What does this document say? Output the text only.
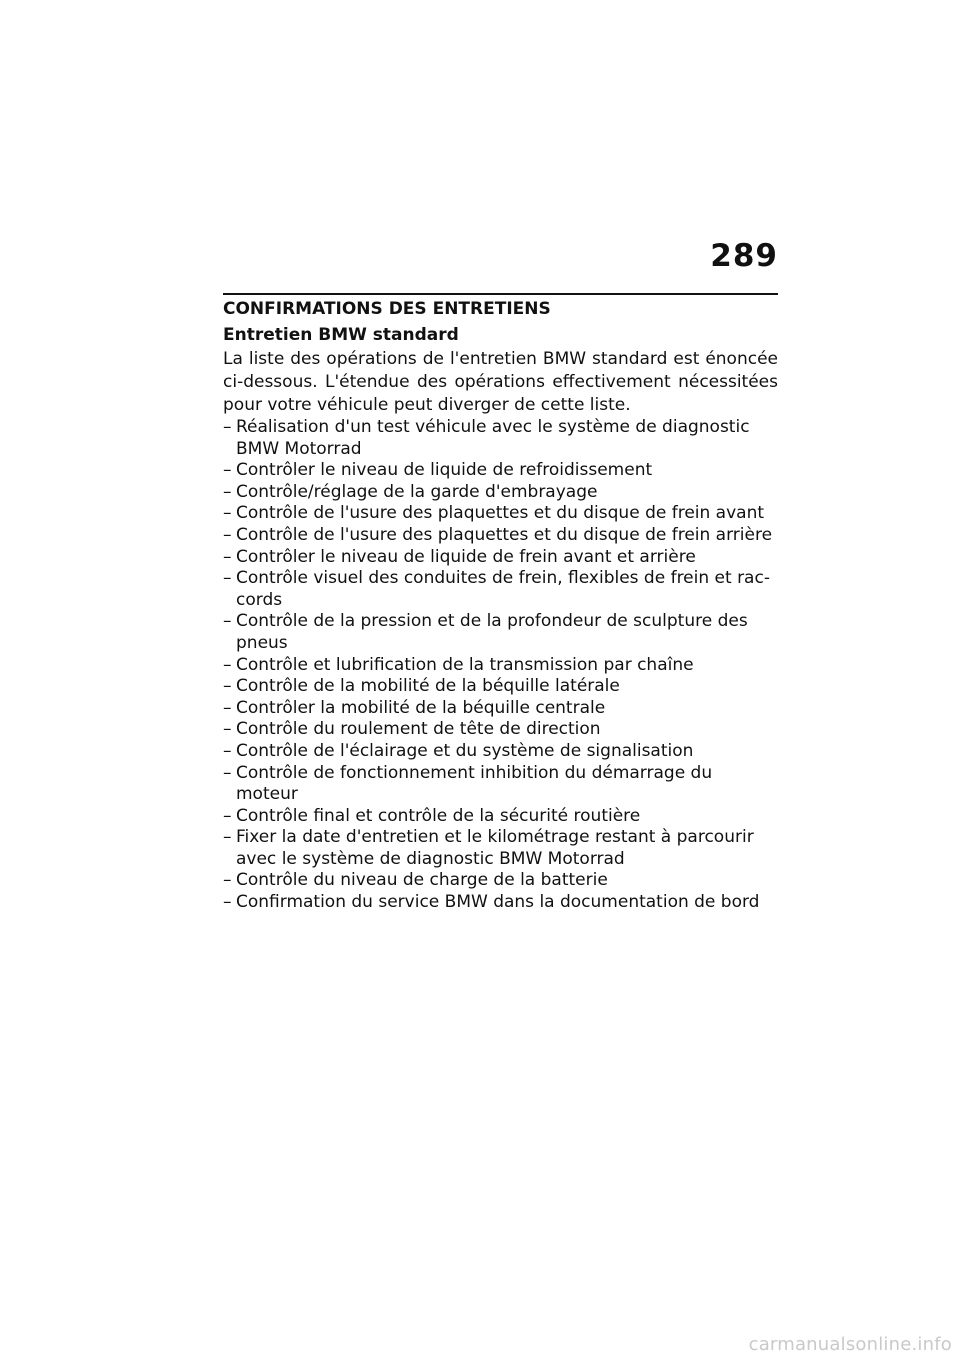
289
CONFIRMATIONS DES ENTRETIENS

Entretien BMW standard

La liste des opérations de l'entretien BMW standard est énoncée ci-dessous. L'étendue des opérations effectivement nécessitées pour votre véhicule peut diverger de cette liste.

– Réalisation d'un test véhicule avec le système de diagnostic
BMW Motorrad
– Contrôler le niveau de liquide de refroidissement
– Contrôle/réglage de la garde d'embrayage
– Contrôle de l'usure des plaquettes et du disque de frein avant
– Contrôle de l'usure des plaquettes et du disque de frein arrière
– Contrôler le niveau de liquide de frein avant et arrière
– Contrôle visuel des conduites de frein, flexibles de frein et rac-
cords
– Contrôle de la pression et de la profondeur de sculpture des
pneus
– Contrôle et lubrification de la transmission par chaîne
– Contrôle de la mobilité de la béquille latérale
– Contrôler la mobilité de la béquille centrale
– Contrôle du roulement de tête de direction
– Contrôle de l'éclairage et du système de signalisation
– Contrôle de fonctionnement inhibition du démarrage du moteur
– Contrôle final et contrôle de la sécurité routière
– Fixer la date d'entretien et le kilométrage restant à parcourir
avec le système de diagnostic BMW Motorrad
– Contrôle du niveau de charge de la batterie
– Confirmation du service BMW dans la documentation de bord
carmanualsonline.info
